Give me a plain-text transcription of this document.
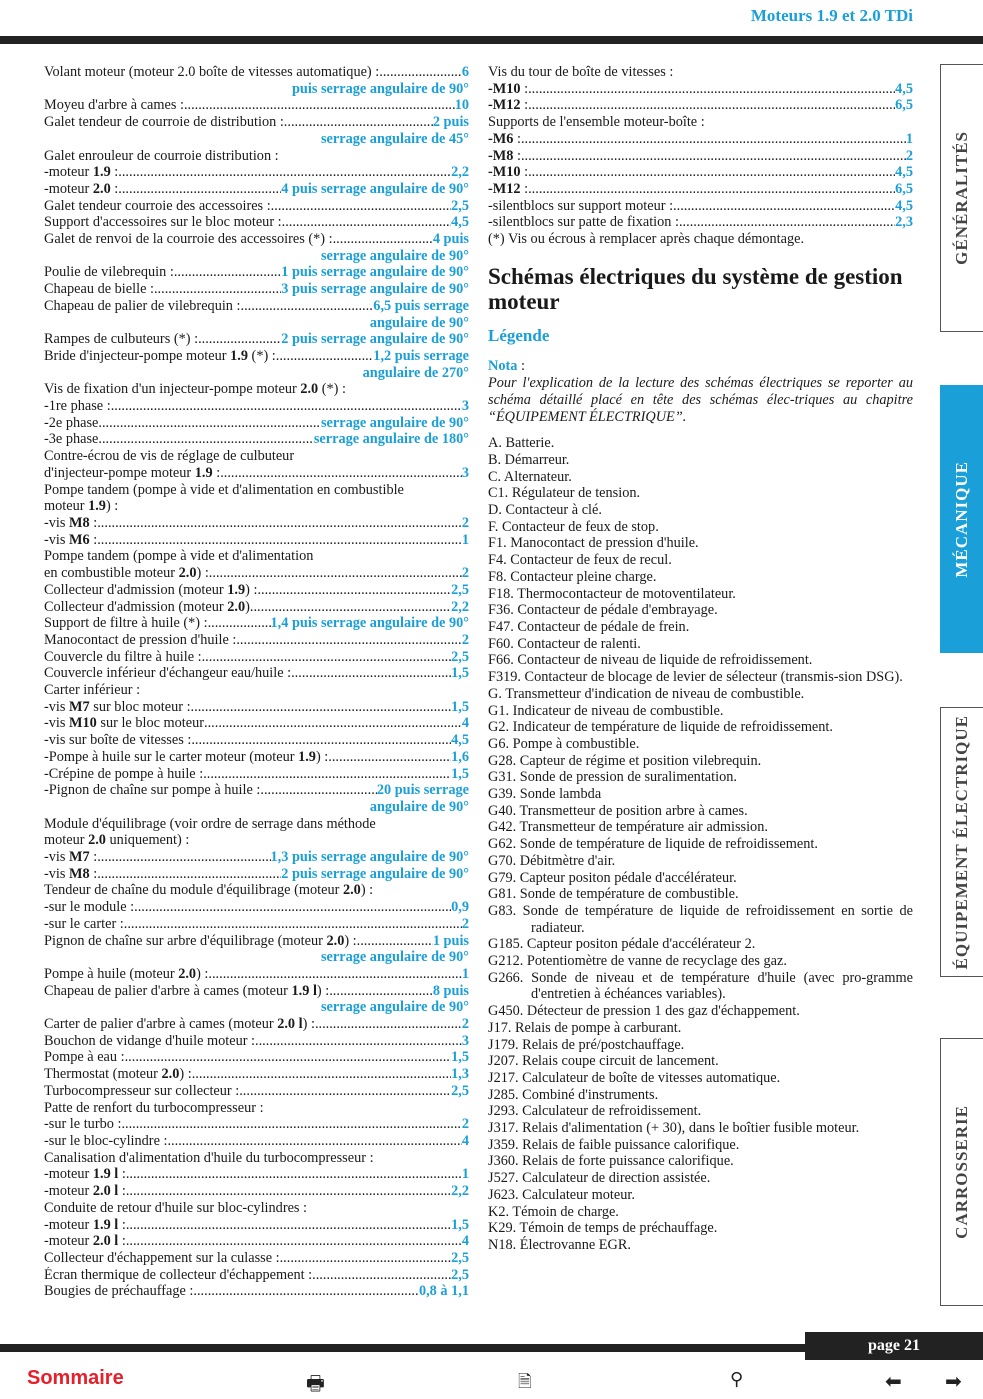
Moteurs 1.9 et 2.0 TDi
Volant moteur (moteur 2.0 boîte de vitesses automatique) : .....	6
puis serrage angulaire de 90°
Moyeu d'arbre à cames : .....	10
Galet tendeur de courroie de distribution : .....	2 puis
serrage angulaire de 45°
Galet enrouleur de courroie distribution :
-moteur 1.9 : .....	2,2
-moteur 2.0 : .....	4 puis serrage angulaire de 90°
Galet tendeur courroie des accessoires : .....	2,5
Support d'accessoires sur le bloc moteur : .....	4,5
Galet de renvoi de la courroie des accessoires (*) : .....	4 puis
serrage angulaire de 90°
Poulie de vilebrequin : .....	1 puis serrage angulaire de 90°
Chapeau de bielle : .....	3 puis serrage angulaire de 90°
Chapeau de palier de vilebrequin : .....	6,5 puis serrage
angulaire de 90°
Rampes de culbuteurs (*) : .....	2 puis serrage angulaire de 90°
Bride d'injecteur-pompe moteur 1.9 (*) : .....	1,2 puis serrage
angulaire de 270°
Vis de fixation d'un injecteur-pompe moteur 2.0 (*) :
-1re phase : .....	3
-2e phase .....	serrage angulaire de 90°
-3e phase .....	serrage angulaire de 180°
Contre-écrou de vis de réglage de culbuteur
d'injecteur-pompe moteur 1.9 : .....	3
Pompe tandem (pompe à vide et d'alimentation en combustible
moteur 1.9) :
-vis M8 : .....	2
-vis M6 : .....	1
Pompe tandem (pompe à vide et d'alimentation
en combustible moteur 2.0) : .....	2
Collecteur d'admission (moteur 1.9) : .....	2,5
Collecteur d'admission (moteur 2.0) .....	2,2
Support de filtre à huile (*) : .....	1,4 puis serrage angulaire de 90°
Manocontact de pression d'huile : .....	2
Couvercle du filtre à huile : .....	2,5
Couvercle inférieur d'échangeur eau/huile : .....	1,5
Carter inférieur :
-vis M7 sur bloc moteur : .....	1,5
-vis M10 sur le bloc moteur .....	4
-vis sur boîte de vitesses : .....	4,5
-Pompe à huile sur le carter moteur (moteur 1.9) : .....	1,6
-Crépine de pompe à huile : .....	1,5
-Pignon de chaîne sur pompe à huile : .....	20 puis serrage
angulaire de 90°
Module d'équilibrage (voir ordre de serrage dans méthode
moteur 2.0 uniquement) :
-vis M7 : .....	1,3 puis serrage angulaire de 90°
-vis M8 : .....	2 puis serrage angulaire de 90°
Tendeur de chaîne du module d'équilibrage (moteur 2.0) :
-sur le module : .....	0,9
-sur le carter : .....	2
Pignon de chaîne sur arbre d'équilibrage (moteur 2.0) : .....	1 puis
serrage angulaire de 90°
Pompe à huile (moteur 2.0) : .....	1
Chapeau de palier d'arbre à cames (moteur 1.9 l) : .....	8 puis
serrage angulaire de 90°
Carter de palier d'arbre à cames (moteur 2.0 l) : .....	2
Bouchon de vidange d'huile moteur : .....	3
Pompe à eau : .....	1,5
Thermostat (moteur 2.0) : .....	1,3
Turbocompresseur sur collecteur : .....	2,5
Patte de renfort du turbocompresseur :
-sur le turbo : .....	2
-sur le bloc-cylindre : .....	4
Canalisation d'alimentation d'huile du turbocompresseur :
-moteur 1.9 l : .....	1
-moteur 2.0 l : .....	2,2
Conduite de retour d'huile sur bloc-cylindres :
-moteur 1.9 l : .....	1,5
-moteur 2.0 l : .....	4
Collecteur d'échappement sur la culasse : .....	2,5
Écran thermique de collecteur d'échappement : .....	2,5
Bougies de préchauffage : .....	0,8 à 1,1
Vis du tour de boîte de vitesses :
-M10 : .....	4,5
-M12 : .....	6,5
Supports de l'ensemble moteur-boîte :
-M6 : .....	1
-M8 : .....	2
-M10 : .....	4,5
-M12 : .....	6,5
-silentblocs sur support moteur : .....	4,5
-silentblocs sur patte de fixation : .....	2,3
(*) Vis ou écrous à remplacer après chaque démontage.
Schémas électriques du système de gestion moteur
Légende
Nota :
Pour l'explication de la lecture des schémas électriques se reporter au schéma détaillé placé en tête des schémas élec-triques au chapitre “ÉQUIPEMENT ÉLECTRIQUE”.
A. Batterie.
B. Démarreur.
C. Alternateur.
C1. Régulateur de tension.
D. Contacteur à clé.
F. Contacteur de feux de stop.
F1. Manocontact de pression d'huile.
F4. Contacteur de feux de recul.
F8. Contacteur pleine charge.
F18. Thermocontacteur de motoventilateur.
F36. Contacteur de pédale d'embrayage.
F47. Contacteur de pédale de frein.
F60. Contacteur de ralenti.
F66. Contacteur de niveau de liquide de refroidissement.
F319. Contacteur de blocage de levier de sélecteur (transmis-sion DSG).
G. Transmetteur d'indication de niveau de combustible.
G1. Indicateur de niveau de combustible.
G2. Indicateur de température de liquide de refroidissement.
G6. Pompe à combustible.
G28. Capteur de régime et position vilebrequin.
G31. Sonde de pression de suralimentation.
G39. Sonde lambda
G40. Transmetteur de position arbre à cames.
G42. Transmetteur de température air admission.
G62. Sonde de température de liquide de refroidissement.
G70. Débitmètre d'air.
G79. Capteur positon pédale d'accélérateur.
G81. Sonde de température de combustible.
G83. Sonde de température de liquide de refroidissement en sortie de radiateur.
G185. Capteur positon pédale d'accélérateur 2.
G212. Potentiomètre de vanne de recyclage des gaz.
G266. Sonde de niveau et de température d'huile (avec pro-gramme d'entretien à échéances variables).
G450. Détecteur de pression 1 des gaz d'échappement.
J17. Relais de pompe à carburant.
J179. Relais de pré/postchauffage.
J207. Relais coupe circuit de lancement.
J217. Calculateur de boîte de vitesses automatique.
J285. Combiné d'instruments.
J293. Calculateur de refroidissement.
J317. Relais d'alimentation (+ 30), dans le boîtier fusible moteur.
J359. Relais de faible puissance calorifique.
J360. Relais de forte puissance calorifique.
J527. Calculateur de direction assistée.
J623. Calculateur moteur.
K2. Témoin de charge.
K29. Témoin de temps de préchauffage.
N18. Électrovanne EGR.
GÉNÉRALITÉS
MÉCANIQUE
ÉQUIPEMENT ÉLECTRIQUE
CARROSSERIE
page 21
Sommaire	🖶	🗎	⚲	⬅ ➡
